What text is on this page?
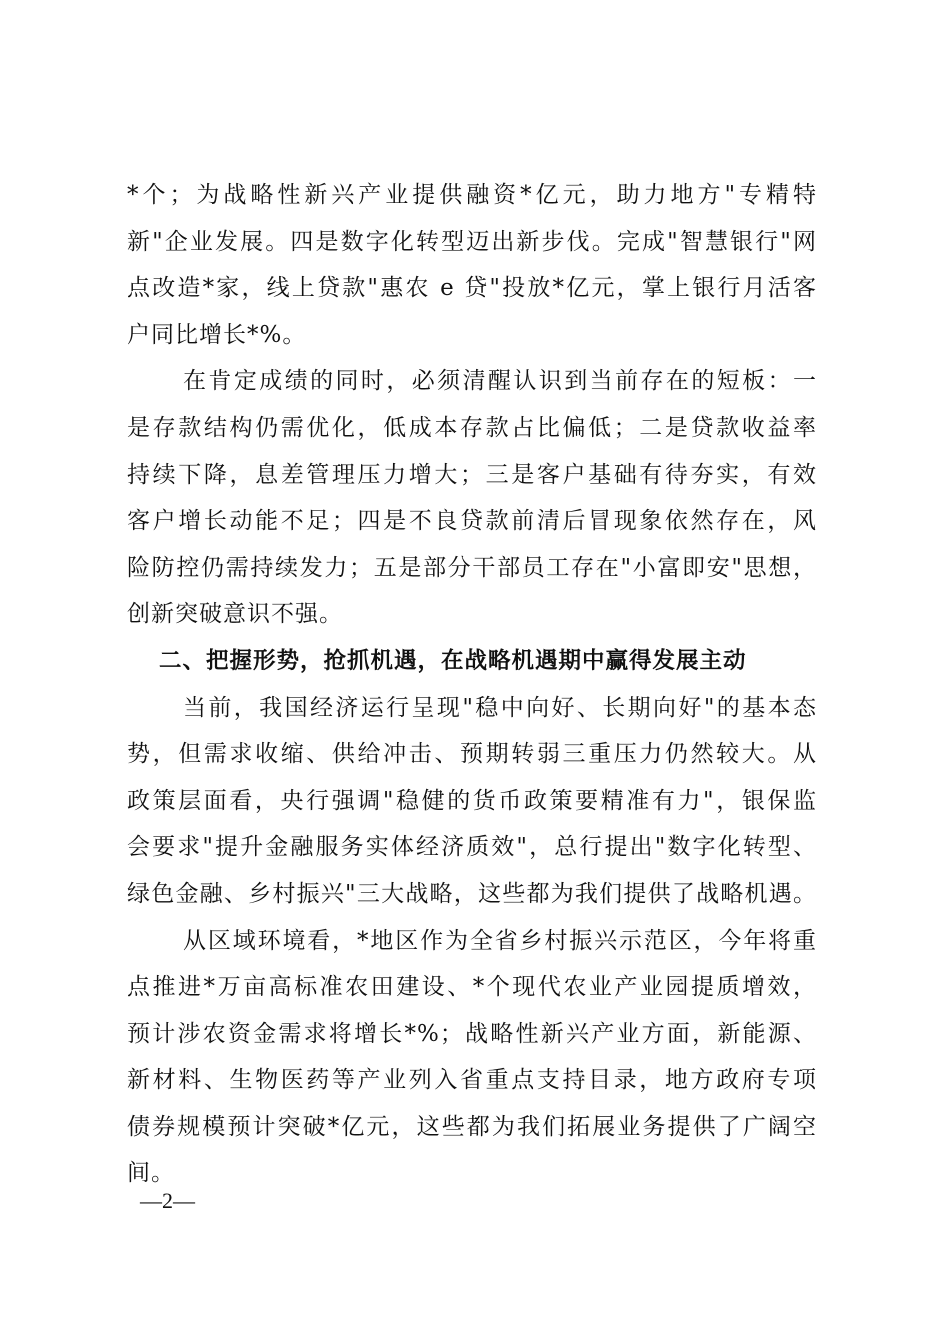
*个；为战略性新兴产业提供融资*亿元，助力地方"专精特
新"企业发展。四是数字化转型迈出新步伐。完成"智慧银行"网
点改造*家，线上贷款"惠农 e 贷"投放*亿元，掌上银行月活客
户同比增长*%。
在肯定成绩的同时，必须清醒认识到当前存在的短板：一
是存款结构仍需优化，低成本存款占比偏低；二是贷款收益率
持续下降，息差管理压力增大；三是客户基础有待夯实，有效
客户增长动能不足；四是不良贷款前清后冒现象依然存在，风
险防控仍需持续发力；五是部分干部员工存在"小富即安"思想，
创新突破意识不强。
二、把握形势，抢抓机遇，在战略机遇期中赢得发展主动
当前，我国经济运行呈现"稳中向好、长期向好"的基本态
势，但需求收缩、供给冲击、预期转弱三重压力仍然较大。从
政策层面看，央行强调"稳健的货币政策要精准有力"，银保监
会要求"提升金融服务实体经济质效"，总行提出"数字化转型、
绿色金融、乡村振兴"三大战略，这些都为我们提供了战略机遇。
从区域环境看，*地区作为全省乡村振兴示范区，今年将重
点推进*万亩高标准农田建设、*个现代农业产业园提质增效，
预计涉农资金需求将增长*%；战略性新兴产业方面，新能源、
新材料、生物医药等产业列入省重点支持目录，地方政府专项
债券规模预计突破*亿元，这些都为我们拓展业务提供了广阔空
间。
—2—
